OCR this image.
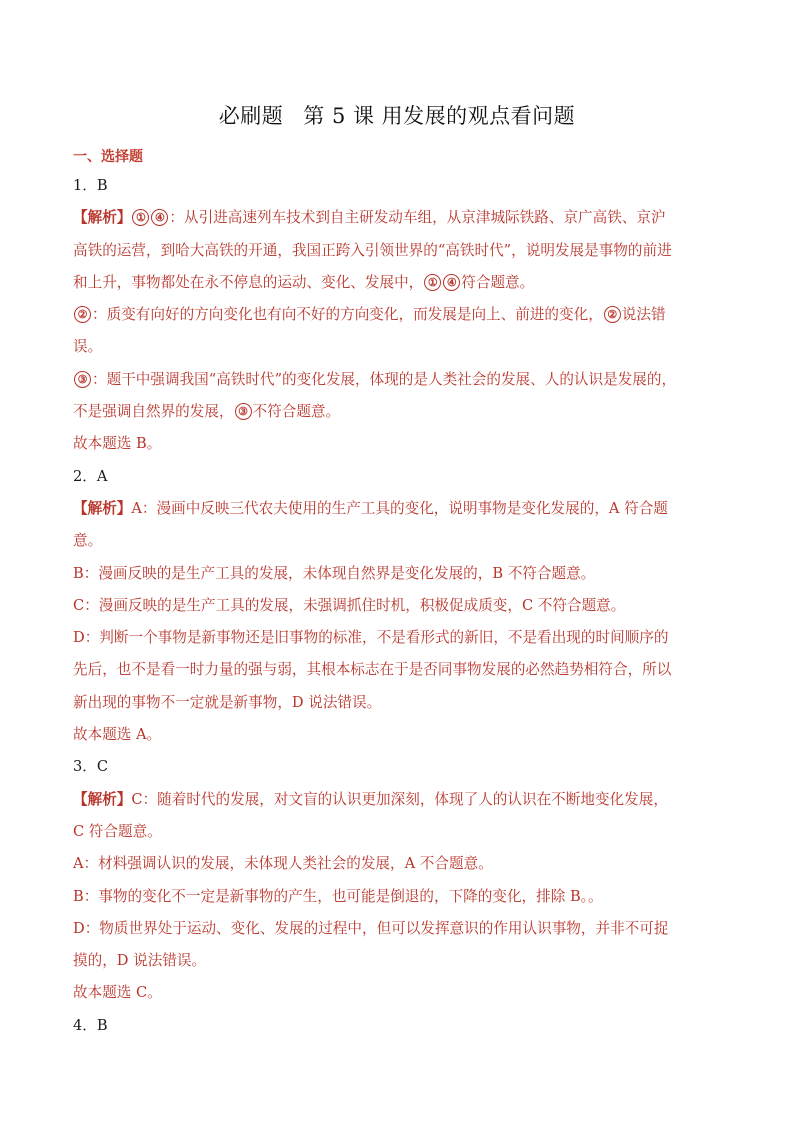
必刷题 第 5 课 用发展的观点看问题
一、选择题
1．B
【解析】 ① ④ ：从引进高速列车技术到自主研发动车组，从京津城际铁路、京广高铁、京沪
高铁的运营，到哈大高铁的开通，我国正跨入引领世界的“高铁时代”，说明发展是事物的前进
和上升，事物都处在永不停息的运动、变化、发展中， ① ④ 符合题意。
② ：质变有向好的方向变化也有向不好的方向变化，而发展是向上、前进的变化， ② 说法错
误。
③ ：题干中强调我国“高铁时代”的变化发展，体现的是人类社会的发展、人的认识是发展的，
不是强调自然界的发展， ③ 不符合题意。
故本题选 B。
2．A
【解析】A：漫画中反映三代农夫使用的生产工具的变化，说明事物是变化发展的，A 符合题
意。
B：漫画反映的是生产工具的发展，未体现自然界是变化发展的，B 不符合题意。
C：漫画反映的是生产工具的发展，未强调抓住时机，积极促成质变，C 不符合题意。
D：判断一个事物是新事物还是旧事物的标准，不是看形式的新旧，不是看出现的时间顺序的
先后，也不是看一时力量的强与弱，其根本标志在于是否同事物发展的必然趋势相符合，所以
新出现的事物不一定就是新事物，D 说法错误。
故本题选 A。
3．C
【解析】C：随着时代的发展，对文盲的认识更加深刻，体现了人的认识在不断地变化发展，
C 符合题意。
A：材料强调认识的发展，未体现人类社会的发展，A 不合题意。
B：事物的变化不一定是新事物的产生，也可能是倒退的，下降的变化，排除 B。。
D：物质世界处于运动、变化、发展的过程中，但可以发挥意识的作用认识事物，并非不可捉
摸的，D 说法错误。
故本题选 C。
4．B
